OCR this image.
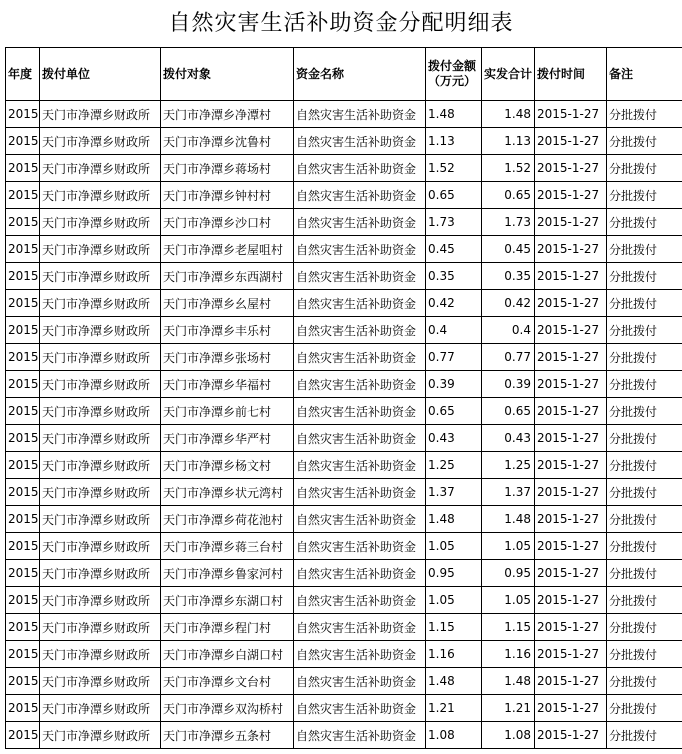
自然灾害生活补助资金分配明细表
年度	拨付单位	拨付对象	资金名称	拨付金额（万元）	实发合计	拨付时间	备注
2015	天门市净潭乡财政所	天门市净潭乡净潭村	自然灾害生活补助资金	1.48	1.48	2015-1-27	分批拨付
2015	天门市净潭乡财政所	天门市净潭乡沈鲁村	自然灾害生活补助资金	1.13	1.13	2015-1-27	分批拨付
2015	天门市净潭乡财政所	天门市净潭乡蒋场村	自然灾害生活补助资金	1.52	1.52	2015-1-27	分批拨付
2015	天门市净潭乡财政所	天门市净潭乡钟村村	自然灾害生活补助资金	0.65	0.65	2015-1-27	分批拨付
2015	天门市净潭乡财政所	天门市净潭乡沙口村	自然灾害生活补助资金	1.73	1.73	2015-1-27	分批拨付
2015	天门市净潭乡财政所	天门市净潭乡老屋咀村	自然灾害生活补助资金	0.45	0.45	2015-1-27	分批拨付
2015	天门市净潭乡财政所	天门市净潭乡东西湖村	自然灾害生活补助资金	0.35	0.35	2015-1-27	分批拨付
2015	天门市净潭乡财政所	天门市净潭乡幺屋村	自然灾害生活补助资金	0.42	0.42	2015-1-27	分批拨付
2015	天门市净潭乡财政所	天门市净潭乡丰乐村	自然灾害生活补助资金	0.4	0.4	2015-1-27	分批拨付
2015	天门市净潭乡财政所	天门市净潭乡张场村	自然灾害生活补助资金	0.77	0.77	2015-1-27	分批拨付
2015	天门市净潭乡财政所	天门市净潭乡华福村	自然灾害生活补助资金	0.39	0.39	2015-1-27	分批拨付
2015	天门市净潭乡财政所	天门市净潭乡前七村	自然灾害生活补助资金	0.65	0.65	2015-1-27	分批拨付
2015	天门市净潭乡财政所	天门市净潭乡华严村	自然灾害生活补助资金	0.43	0.43	2015-1-27	分批拨付
2015	天门市净潭乡财政所	天门市净潭乡杨文村	自然灾害生活补助资金	1.25	1.25	2015-1-27	分批拨付
2015	天门市净潭乡财政所	天门市净潭乡状元湾村	自然灾害生活补助资金	1.37	1.37	2015-1-27	分批拨付
2015	天门市净潭乡财政所	天门市净潭乡荷花池村	自然灾害生活补助资金	1.48	1.48	2015-1-27	分批拨付
2015	天门市净潭乡财政所	天门市净潭乡蒋三台村	自然灾害生活补助资金	1.05	1.05	2015-1-27	分批拨付
2015	天门市净潭乡财政所	天门市净潭乡鲁家河村	自然灾害生活补助资金	0.95	0.95	2015-1-27	分批拨付
2015	天门市净潭乡财政所	天门市净潭乡东湖口村	自然灾害生活补助资金	1.05	1.05	2015-1-27	分批拨付
2015	天门市净潭乡财政所	天门市净潭乡程门村	自然灾害生活补助资金	1.15	1.15	2015-1-27	分批拨付
2015	天门市净潭乡财政所	天门市净潭乡白湖口村	自然灾害生活补助资金	1.16	1.16	2015-1-27	分批拨付
2015	天门市净潭乡财政所	天门市净潭乡文台村	自然灾害生活补助资金	1.48	1.48	2015-1-27	分批拨付
2015	天门市净潭乡财政所	天门市净潭乡双沟桥村	自然灾害生活补助资金	1.21	1.21	2015-1-27	分批拨付
2015	天门市净潭乡财政所	天门市净潭乡五条村	自然灾害生活补助资金	1.08	1.08	2015-1-27	分批拨付
